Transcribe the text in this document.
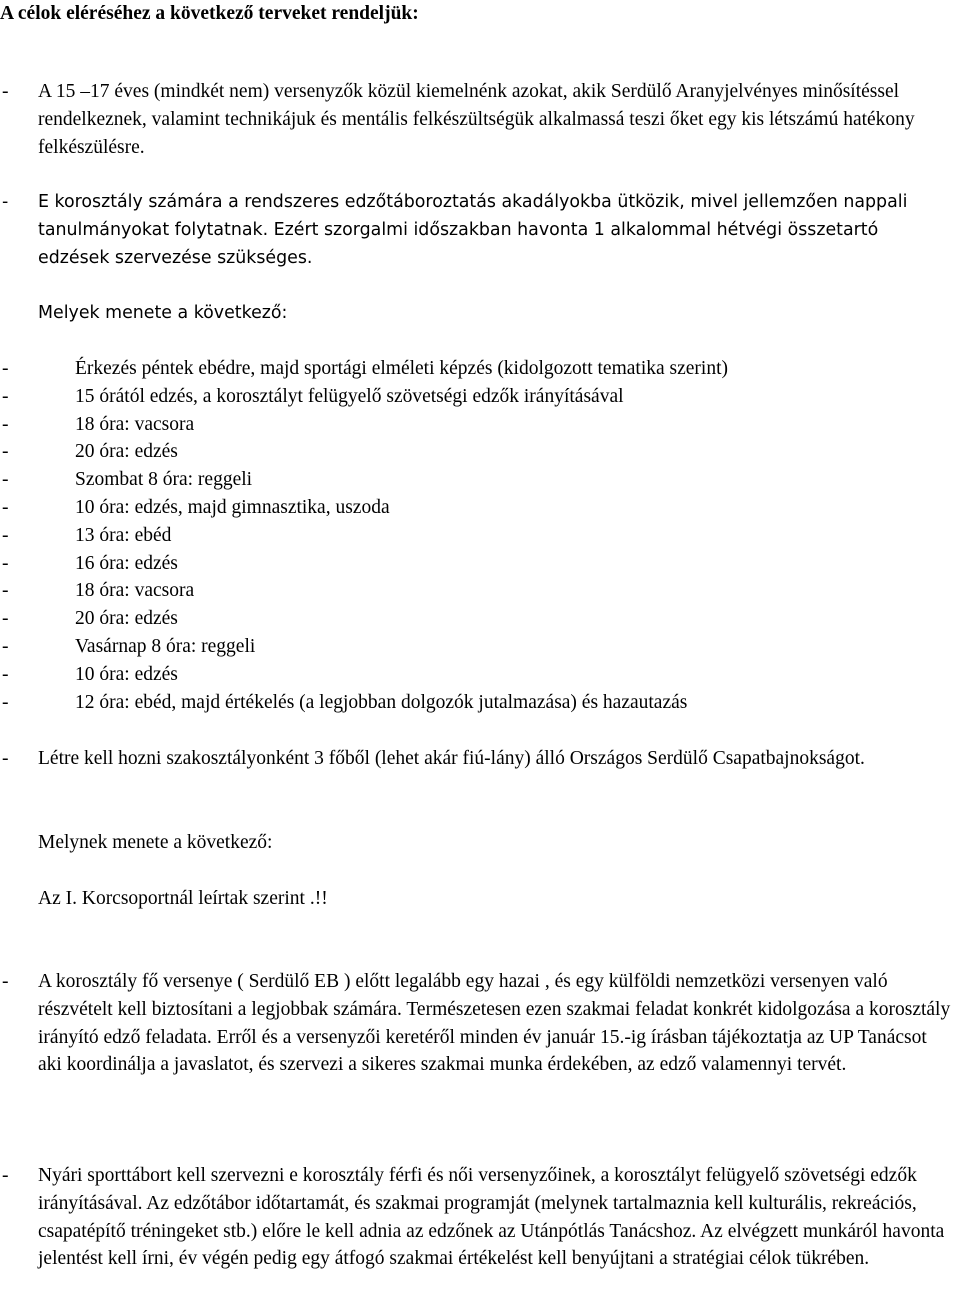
A célok eléréséhez a következő terveket rendeljük:
- A 15 –17 éves (mindkét nem) versenyzők közül kiemelnénk azokat, akik Serdülő Aranyjelvényes minősítéssel rendelkeznek, valamint technikájuk és mentális felkészültségük alkalmassá teszi őket egy kis létszámú hatékony felkészülésre.
- E korosztály számára a rendszeres edzőtáboroztatás akadályokba ütközik, mivel jellemzően nappali tanulmányokat folytatnak. Ezért szorgalmi időszakban havonta 1 alkalommal hétvégi összetartó edzések szervezése szükséges.
Melyek menete a következő:
-	Érkezés péntek ebédre, majd sportági elméleti képzés (kidolgozott tematika szerint)
-	15 órától edzés, a korosztályt felügyelő szövetségi edzők irányításával
-	18 óra: vacsora
-	20 óra: edzés
-	Szombat 8 óra: reggeli
-	10 óra: edzés, majd gimnasztika, uszoda
-	13 óra: ebéd
-	16 óra: edzés
-	18 óra: vacsora
-	20 óra: edzés
-	Vasárnap 8 óra: reggeli
-	10 óra: edzés
-	12 óra: ebéd, majd értékelés (a legjobban dolgozók jutalmazása) és hazautazás
- Létre kell hozni szakosztályonként 3 főből (lehet akár fiú-lány) álló Országos Serdülő Csapatbajnokságot.
Melynek menete a következő:
Az I. Korcsoportnál leírtak szerint .!!
- A korosztály fő versenye ( Serdülő EB ) előtt legalább egy hazai , és egy külföldi nemzetközi versenyen való részvételt kell biztosítani a legjobbak számára. Természetesen ezen szakmai feladat konkrét kidolgozása a korosztály irányító edző feladata. Erről és a versenyzői keretéről minden év január 15.-ig írásban tájékoztatja az UP Tanácsot aki koordinálja a javaslatot, és szervezi a sikeres szakmai munka érdekében, az edző valamennyi tervét.
- Nyári sporttábort kell szervezni e korosztály férfi és női versenyzőinek, a korosztályt felügyelő szövetségi edzők irányításával. Az edzőtábor időtartamát, és szakmai programját (melynek tartalmaznia kell kulturális, rekreációs, csapatépítő tréningeket stb.) előre le kell adnia az edzőnek az Utánpótlás Tanácshoz. Az elvégzett munkáról havonta jelentést kell írni, év végén pedig egy átfogó szakmai értékelést kell benyújtani a stratégiai célok tükrében.
